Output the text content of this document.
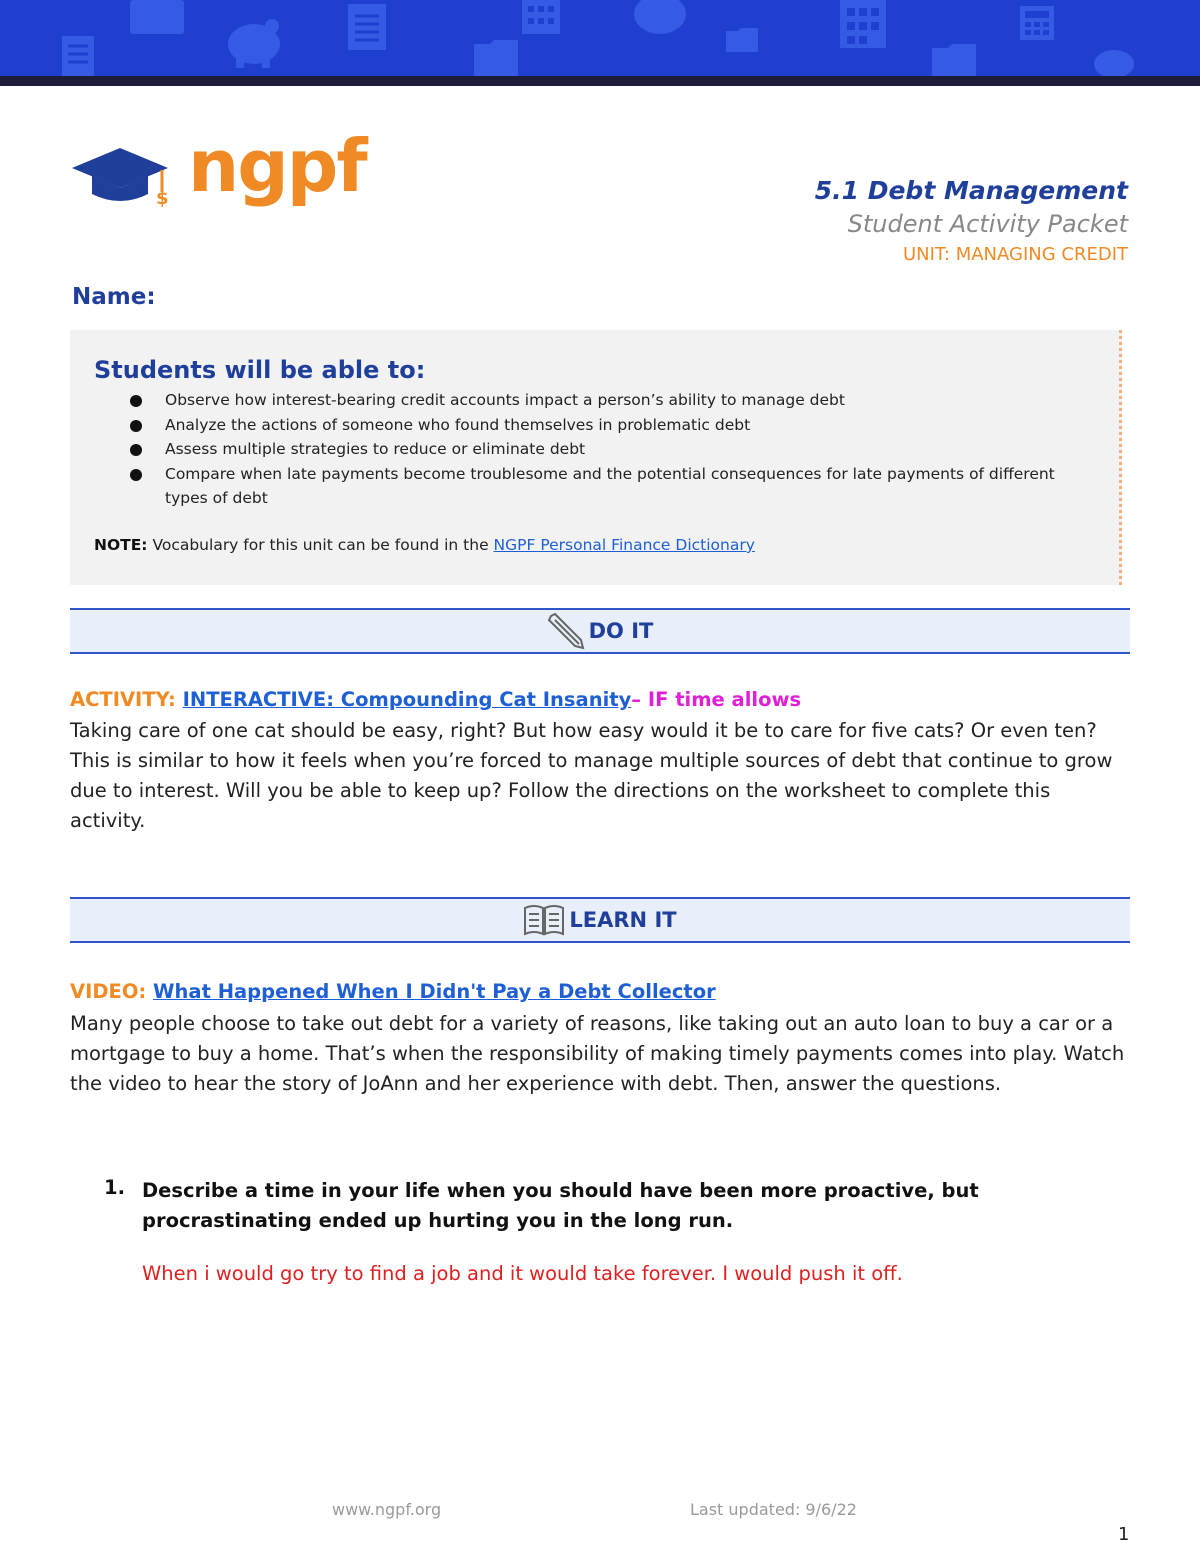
$ ngpf	5.1 Debt Management

Student Activity Packet

UNIT: MANAGING CREDIT

Name:

Students will be able to:

Observe how interest-bearing credit accounts impact a person’s ability to manage debt
Analyze the actions of someone who found themselves in problematic debt
Assess multiple strategies to reduce or eliminate debt
Compare when late payments become troublesome and the potential consequences for late payments of different types of debt
NOTE: Vocabulary for this unit can be found in the NGPF Personal Finance Dictionary
DO IT
ACTIVITY: INTERACTIVE: Compounding Cat Insanity– IF time allows

Taking care of one cat should be easy, right? But how easy would it be to care for five cats? Or even ten? This is similar to how it feels when you’re forced to manage multiple sources of debt that continue to grow due to interest. Will you be able to keep up? Follow the directions on the worksheet to complete this activity.

LEARN IT
VIDEO: What Happened When I Didn't Pay a Debt Collector

Many people choose to take out debt for a variety of reasons, like taking out an auto loan to buy a car or a mortgage to buy a home. That’s when the responsibility of making timely payments comes into play. Watch the video to hear the story of JoAnn and her experience with debt. Then, answer the questions.

1. Describe a time in your life when you should have been more proactive, but procrastinating ended up hurting you in the long run.

When i would go try to find a job and it would take forever. I would push it off.

www.ngpf.org	Last updated: 9/6/22
1
